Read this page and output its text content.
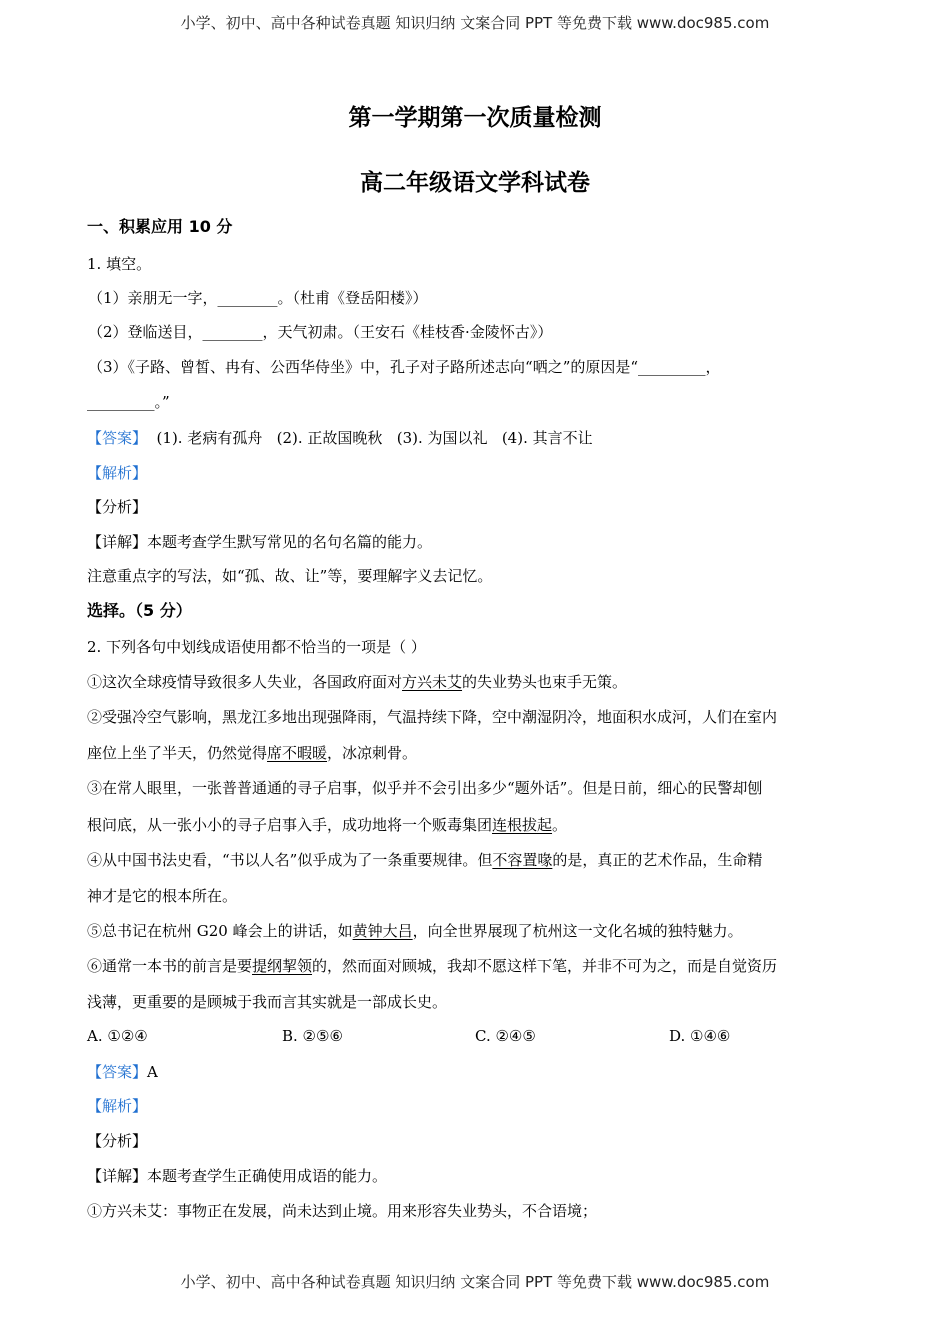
小学、初中、高中各种试卷真题 知识归纳 文案合同 PPT 等免费下载 www.doc985.com
第一学期第一次质量检测
高二年级语文学科试卷
一、积累应用 10 分
1. 填空。
（1）亲朋无一字，________。（杜甫《登岳阳楼》）
（2）登临送目，________，天气初肃。（王安石《桂枝香·金陵怀古》）
（3）《子路、曾皙、冉有、公西华侍坐》中，孔子对子路所述志向“哂之”的原因是“_________，
_________。”
【答案】  (1). 老病有孤舟   (2). 正故国晚秋   (3). 为国以礼   (4). 其言不让
【解析】
【分析】
【详解】本题考查学生默写常见的名句名篇的能力。
注意重点字的写法，如“孤、故、让”等，要理解字义去记忆。
选择。（5 分）
2. 下列各句中划线成语使用都不恰当的一项是（ ）
①这次全球疫情导致很多人失业，各国政府面对方兴未艾的失业势头也束手无策。
②受强冷空气影响，黑龙江多地出现强降雨，气温持续下降，空中潮湿阴冷，地面积水成河，人们在室内
座位上坐了半天，仍然觉得席不暇暖，冰凉刺骨。
③在常人眼里，一张普普通通的寻子启事，似乎并不会引出多少“题外话”。但是日前，细心的民警却刨
根问底，从一张小小的寻子启事入手，成功地将一个贩毒集团连根拔起。
④从中国书法史看，“书以人名”似乎成为了一条重要规律。但不容置喙的是，真正的艺术作品，生命精
神才是它的根本所在。
⑤总书记在杭州 G20 峰会上的讲话，如黄钟大吕，向全世界展现了杭州这一文化名城的独特魅力。
⑥通常一本书的前言是要提纲挈领的，然而面对顾城，我却不愿这样下笔，并非不可为之，而是自觉资历
浅薄，更重要的是顾城于我而言其实就是一部成长史。
A. ①②④	B. ②⑤⑥	C. ②④⑤	D. ①④⑥
【答案】A
【解析】
【分析】
【详解】本题考查学生正确使用成语的能力。
①方兴未艾：事物正在发展，尚未达到止境。用来形容失业势头，不合语境；
小学、初中、高中各种试卷真题 知识归纳 文案合同 PPT 等免费下载 www.doc985.com
